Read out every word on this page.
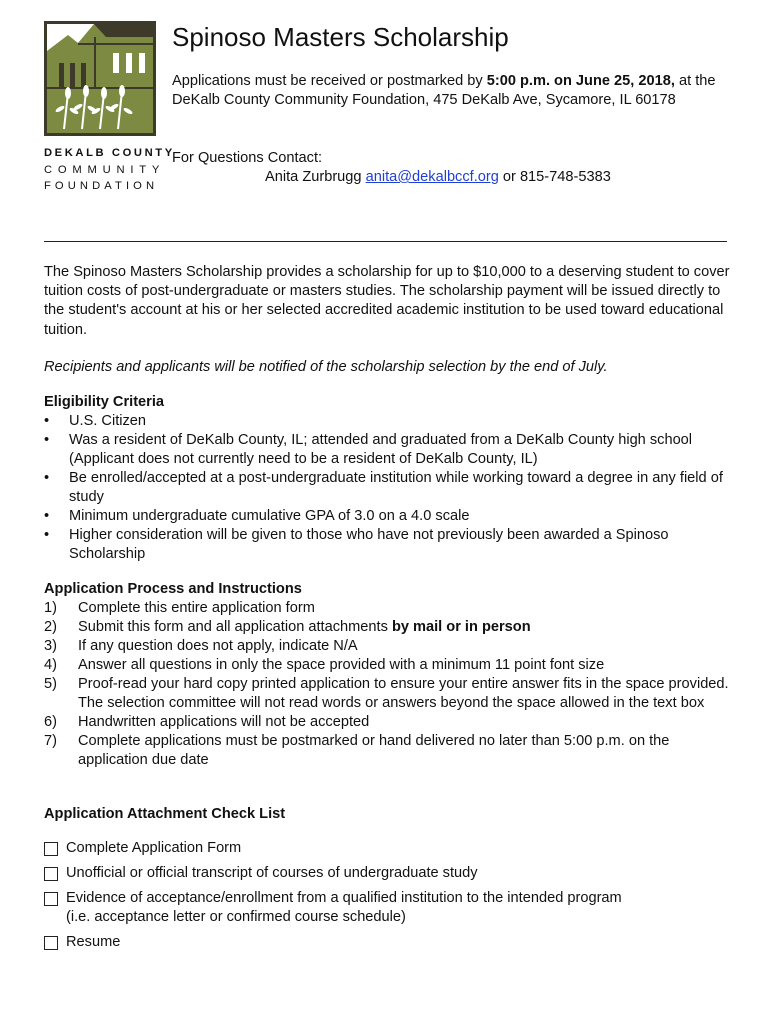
DEKALB COUNTY
COMMUNITY
FOUNDATION
Spinoso Masters Scholarship
Applications must be received or postmarked by 5:00 p.m. on June 25, 2018, at the DeKalb County Community Foundation, 475 DeKalb Ave, Sycamore, IL 60178
For Questions Contact:
Anita Zurbrugg anita@dekalbccf.org or 815-748-5383

The Spinoso Masters Scholarship provides a scholarship for up to $10,000 to a deserving student to cover tuition costs of post-undergraduate or masters studies. The scholarship payment will be issued directly to the student's account at his or her selected accredited academic institution to be used toward educational tuition.

Recipients and applicants will be notified of the scholarship selection by the end of July.

Eligibility Criteria

• U.S. Citizen
• Was a resident of DeKalb County, IL; attended and graduated from a DeKalb County high school (Applicant does not currently need to be a resident of DeKalb County, IL)
• Be enrolled/accepted at a post-undergraduate institution while working toward a degree in any field of study
• Minimum undergraduate cumulative GPA of 3.0 on a 4.0 scale
• Higher consideration will be given to those who have not previously been awarded a Spinoso Scholarship

Application Process and Instructions

1) Complete this entire application form
2) Submit this form and all application attachments by mail or in person
3) If any question does not apply, indicate N/A
4) Answer all questions in only the space provided with a minimum 11 point font size
5) Proof-read your hard copy printed application to ensure your entire answer fits in the space provided. The selection committee will not read words or answers beyond the space allowed in the text box
6) Handwritten applications will not be accepted
7) Complete applications must be postmarked or hand delivered no later than 5:00 p.m. on the application due date

Application Attachment Check List

Complete Application Form
Unofficial or official transcript of courses of undergraduate study
Evidence of acceptance/enrollment from a qualified institution to the intended program
(i.e. acceptance letter or confirmed course schedule)
Resume
